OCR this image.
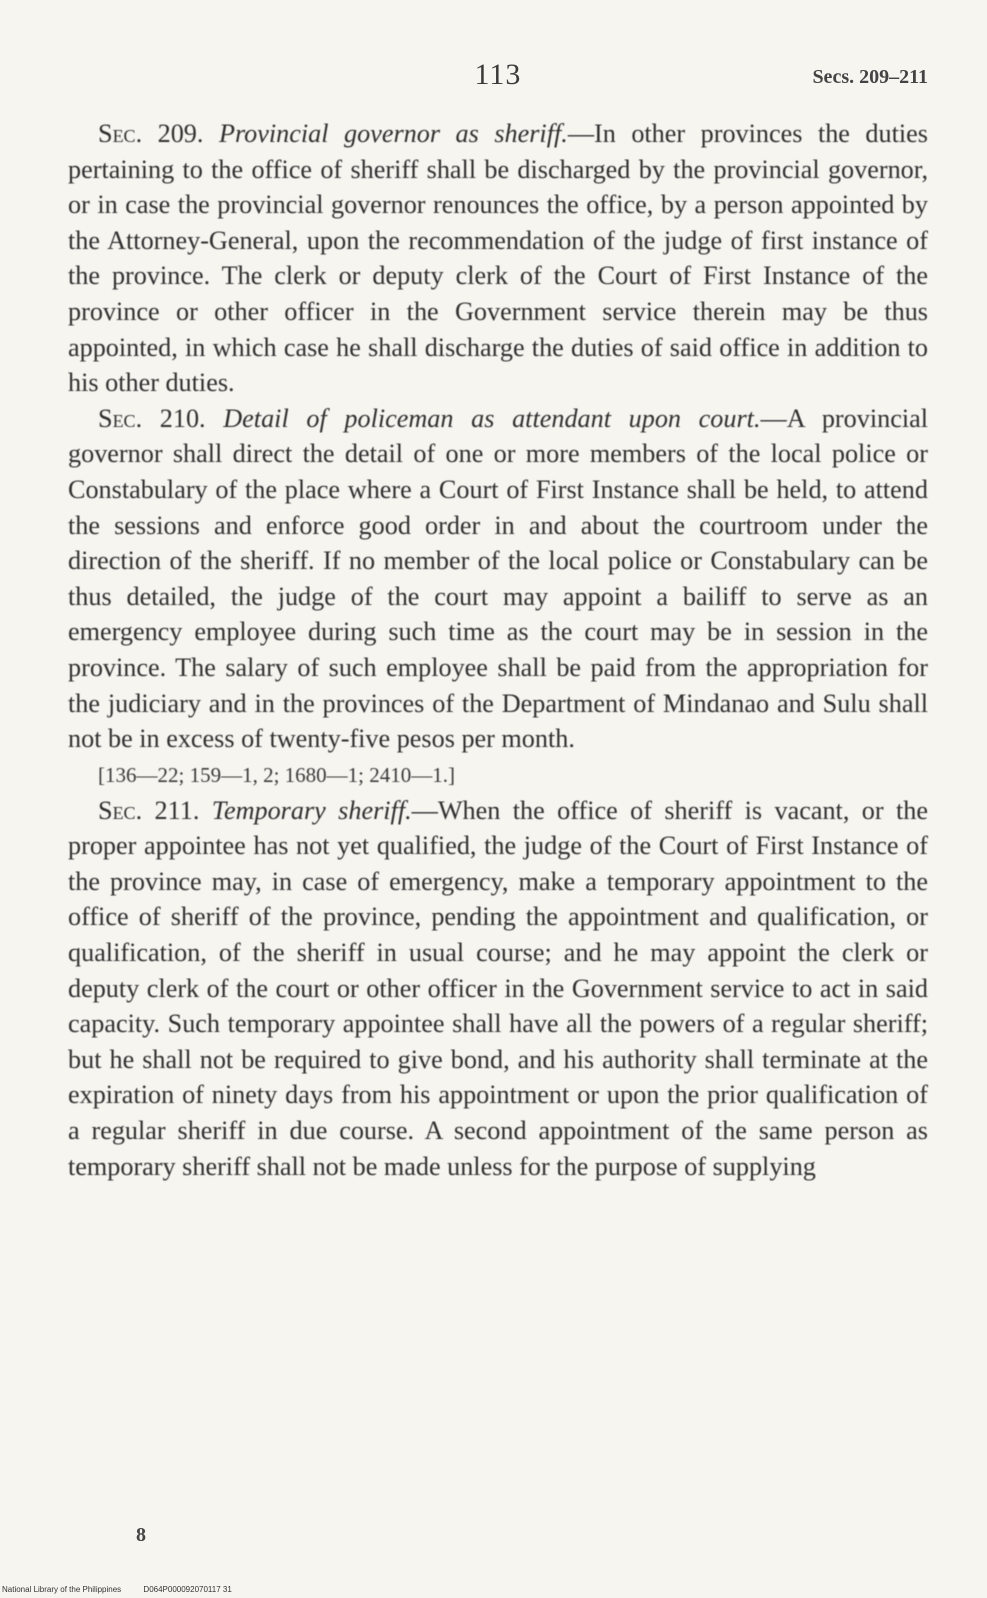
113	Secs. 209–211

Sec. 209. Provincial governor as sheriff.—In other provinces the duties pertaining to the office of sheriff shall be discharged by the provincial governor, or in case the provincial governor renounces the office, by a person appointed by the Attorney-General, upon the recommendation of the judge of first instance of the province. The clerk or deputy clerk of the Court of First Instance of the province or other officer in the Government service therein may be thus appointed, in which case he shall discharge the duties of said office in addition to his other duties.

Sec. 210. Detail of policeman as attendant upon court.—A provincial governor shall direct the detail of one or more members of the local police or Constabulary of the place where a Court of First Instance shall be held, to attend the sessions and enforce good order in and about the courtroom under the direction of the sheriff. If no member of the local police or Constabulary can be thus detailed, the judge of the court may appoint a bailiff to serve as an emergency employee during such time as the court may be in session in the province. The salary of such employee shall be paid from the appropriation for the judiciary and in the provinces of the Department of Mindanao and Sulu shall not be in excess of twenty-five pesos per month.

[136—22; 159—1, 2; 1680—1; 2410—1.]

Sec. 211. Temporary sheriff.—When the office of sheriff is vacant, or the proper appointee has not yet qualified, the judge of the Court of First Instance of the province may, in case of emergency, make a temporary appointment to the office of sheriff of the province, pending the appointment and qualification, or qualification, of the sheriff in usual course; and he may appoint the clerk or deputy clerk of the court or other officer in the Government service to act in said capacity. Such temporary appointee shall have all the powers of a regular sheriff; but he shall not be required to give bond, and his authority shall terminate at the expiration of ninety days from his appointment or upon the prior qualification of a regular sheriff in due course. A second appointment of the same person as temporary sheriff shall not be made unless for the purpose of supplying

8
National Library of the Philippines	D064P000092070117 31
